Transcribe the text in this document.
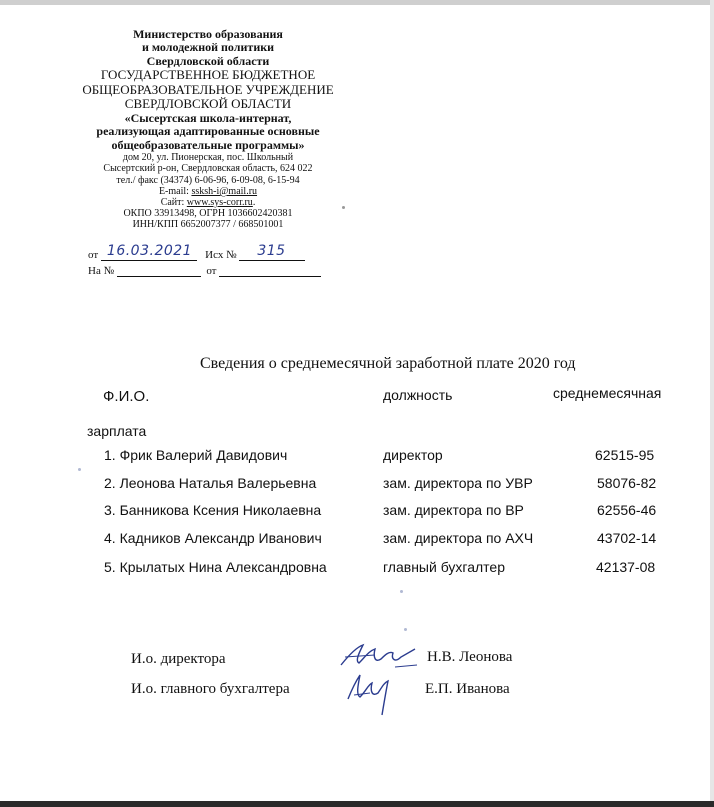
Министерство образования
и молодежной политики
Свердловской области
ГОСУДАРСТВЕННОЕ БЮДЖЕТНОЕ
ОБЩЕОБРАЗОВАТЕЛЬНОЕ УЧРЕЖДЕНИЕ
СВЕРДЛОВСКОЙ ОБЛАСТИ
«Сысертская школа-интернат,
реализующая адаптированные основные
общеобразовательные программы»
дом 20, ул. Пионерская, пос. Школьный
Сысертский р-он, Свердловская область, 624 022
тел./ факс (34374) 6-06-96, 6-09-08, 6-15-94
E-mail: ssksh-i@mail.ru
Сайт: www.sys-corr.ru.
ОКПО 33913498, ОГРН 1036602420381
ИНН/КПП 6652007377 / 668501001
от 16.03.2021 Исх № 315
На №	от
Сведения о среднемесячной заработной плате 2020 год
Ф.И.О.	должность	среднемесячная
зарплата
1. Фрик Валерий Давидович	директор	62515-95
2. Леонова Наталья Валерьевна	зам. директора по УВР	58076-82
3. Банникова Ксения Николаевна	зам. директора по ВР	62556-46
4. Кадников Александр Иванович	зам. директора по АХЧ	43702-14
5. Крылатых Нина Александровна	главный бухгалтер	42137-08
И.о. директора	Н.В. Леонова
И.о. главного бухгалтера	Е.П. Иванова
